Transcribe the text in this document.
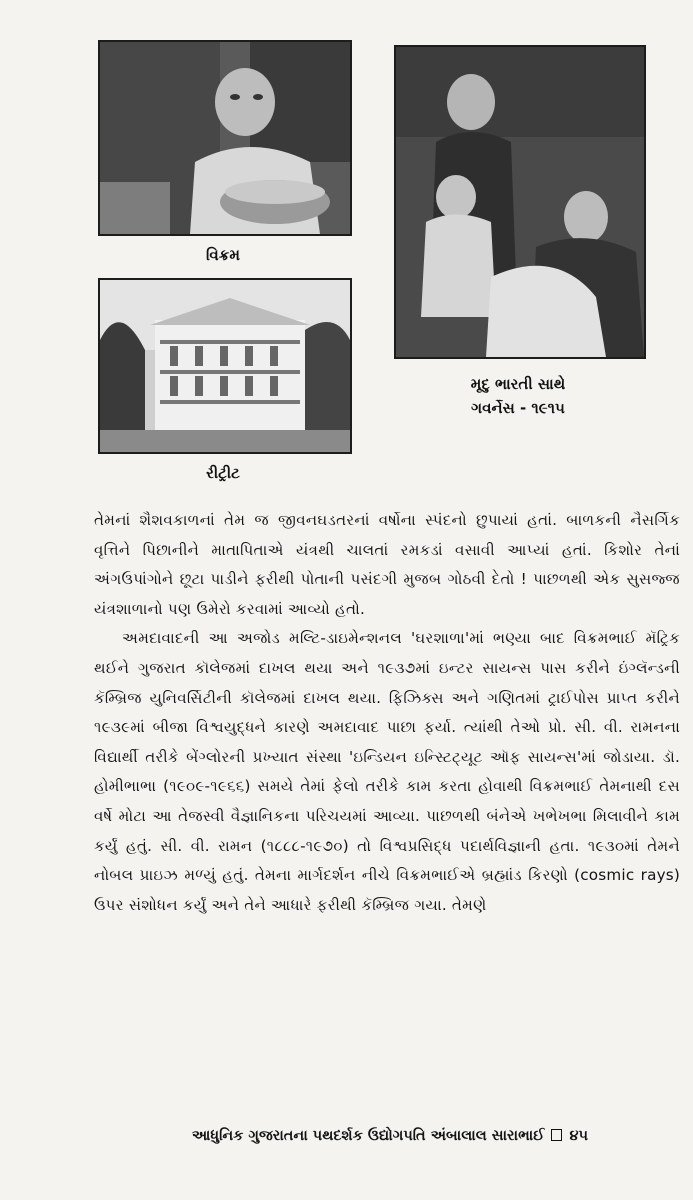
વિક્રમ
મૃદુ ભારતી સાથે
ગવર્નેસ - ૧૯૧૫
રીટ્રીટ

તેમનાં શૈશવકાળનાં તેમ જ જીવનઘડતરનાં વર્ષોના સ્પંદનો છુપાયાં હતાં. બાળકની નૈસર્ગિક વૃત્તિને પિછાનીને માતાપિતાએ યંત્રથી ચાલતાં રમકડાં વસાવી આપ્યાં હતાં. કિશોર તેનાં અંગઉપાંગોને છૂટા પાડીને ફરીથી પોતાની પસંદગી મુજબ ગોઠવી દેતો ! પાછળથી એક સુસજ્જ યંત્રશાળાનો પણ ઉમેરો કરવામાં આવ્યો હતો.

અમદાવાદની આ અજોડ મલ્ટિ-ડાઇમેન્શનલ 'ઘરશાળા'માં ભણ્યા બાદ વિક્રમભાઈ મૅટ્રિક થઈને ગુજરાત કૉલેજમાં દાખલ થયા અને ૧૯૩૭માં ઇન્ટર સાયન્સ પાસ કરીને ઇંગ્લૅન્ડની કૅમ્બ્રિજ યુનિવર્સિટીની કૉલેજમાં દાખલ થયા. ફિઝિક્સ અને ગણિતમાં ટ્રાઈપોસ પ્રાપ્ત કરીને ૧૯૩૯માં બીજા વિશ્વયુદ્ધને કારણે અમદાવાદ પાછા ફર્યા. ત્યાંથી તેઓ પ્રો. સી. વી. રામનના વિદ્યાર્થી તરીકે બેંગ્લોરની પ્રખ્યાત સંસ્થા 'ઇન્ડિયન ઇન્સ્ટિટ્યૂટ ઑફ સાયન્સ'માં જોડાયા. ડૉ. હોમીભાભા (૧૯૦૯-૧૯૬૬) સમયે તેમાં ફેલો તરીકે કામ કરતા હોવાથી વિક્રમભાઈ તેમનાથી દસ વર્ષે મોટા આ તેજસ્વી વૈજ્ઞાનિકના પરિચયમાં આવ્યા. પાછળથી બંનેએ ખભેખભા મિલાવીને કામ કર્યું હતું. સી. વી. રામન (૧૮૮૮-૧૯૭૦) તો વિશ્વપ્રસિદ્ધ પદાર્થવિજ્ઞાની હતા. ૧૯૩૦માં તેમને નોબલ પ્રાઇઝ મળ્યું હતું. તેમના માર્ગદર્શન નીચે વિક્રમભાઈએ બ્રહ્માંડ કિરણો (cosmic rays) ઉપર સંશોધન કર્યું અને તેને આધારે ફરીથી કૅમ્બ્રિજ ગયા. તેમણે

આધુનિક ગુજરાતના પથદર્શક ઉદ્યોગપતિ અંબાલાલ સારાભાઈ ૪૫
